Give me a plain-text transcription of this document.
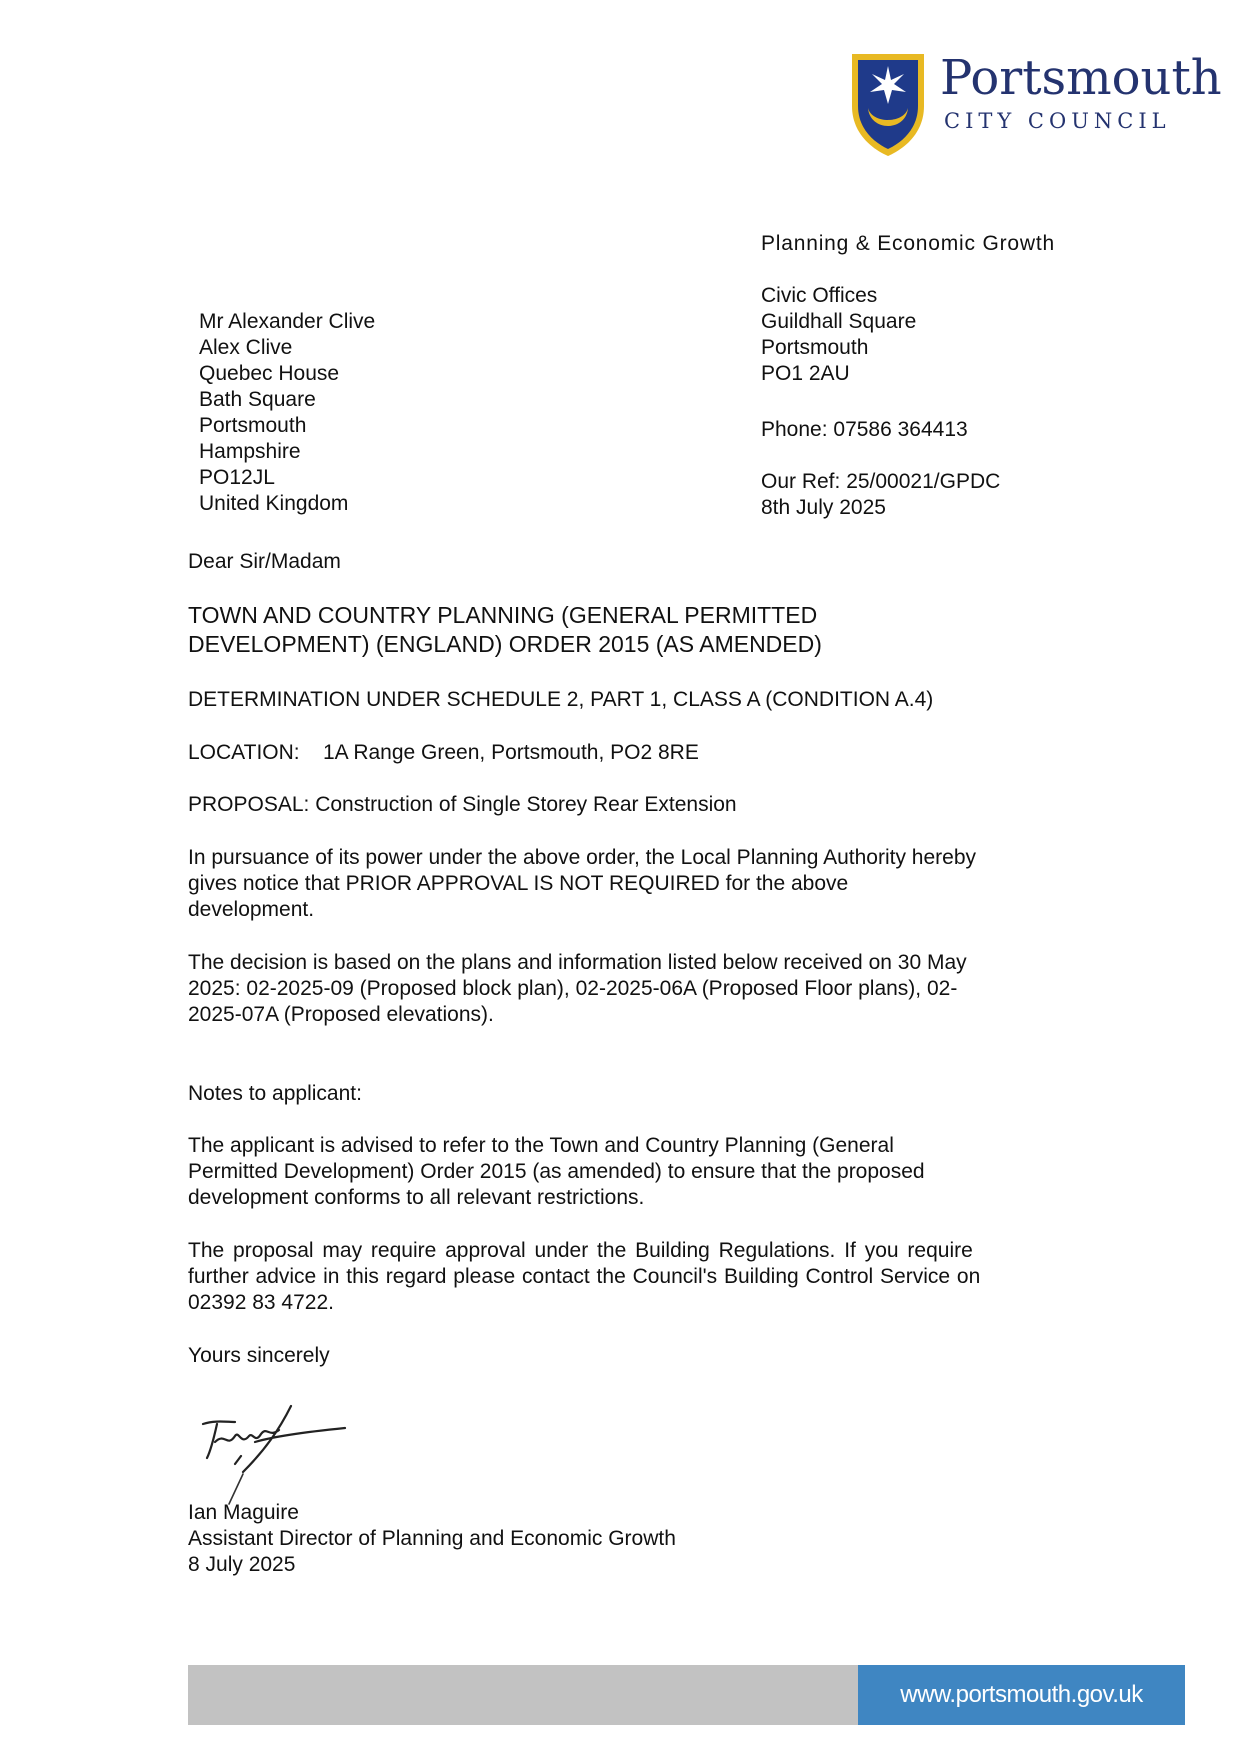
Portsmouth
CITY COUNCIL
Planning & Economic Growth
Civic Offices
Guildhall Square
Portsmouth
PO1 2AU
Phone: 07586 364413
Our Ref: 25/00021/GPDC
8th July 2025
Mr Alexander Clive
Alex Clive
Quebec House
Bath Square
Portsmouth
Hampshire
PO12JL
United Kingdom
Dear Sir/Madam
TOWN AND COUNTRY PLANNING (GENERAL PERMITTED
DEVELOPMENT) (ENGLAND) ORDER 2015 (AS AMENDED)
DETERMINATION UNDER SCHEDULE 2, PART 1, CLASS A (CONDITION A.4)
LOCATION:    1A Range Green, Portsmouth, PO2 8RE
PROPOSAL: Construction of Single Storey Rear Extension
In pursuance of its power under the above order, the Local Planning Authority hereby
gives notice that PRIOR APPROVAL IS NOT REQUIRED for the above
development.
The decision is based on the plans and information listed below received on 30 May
2025: 02-2025-09 (Proposed block plan), 02-2025-06A (Proposed Floor plans), 02-
2025-07A (Proposed elevations).
Notes to applicant:
The applicant is advised to refer to the Town and Country Planning (General
Permitted Development) Order 2015 (as amended) to ensure that the proposed
development conforms to all relevant restrictions.
The proposal may require approval under the Building Regulations. If you require
further advice in this regard please contact the Council's Building Control Service on
02392 83 4722.
Yours sincerely
Ian Maguire
Assistant Director of Planning and Economic Growth
8 July 2025
www.portsmouth.gov.uk
